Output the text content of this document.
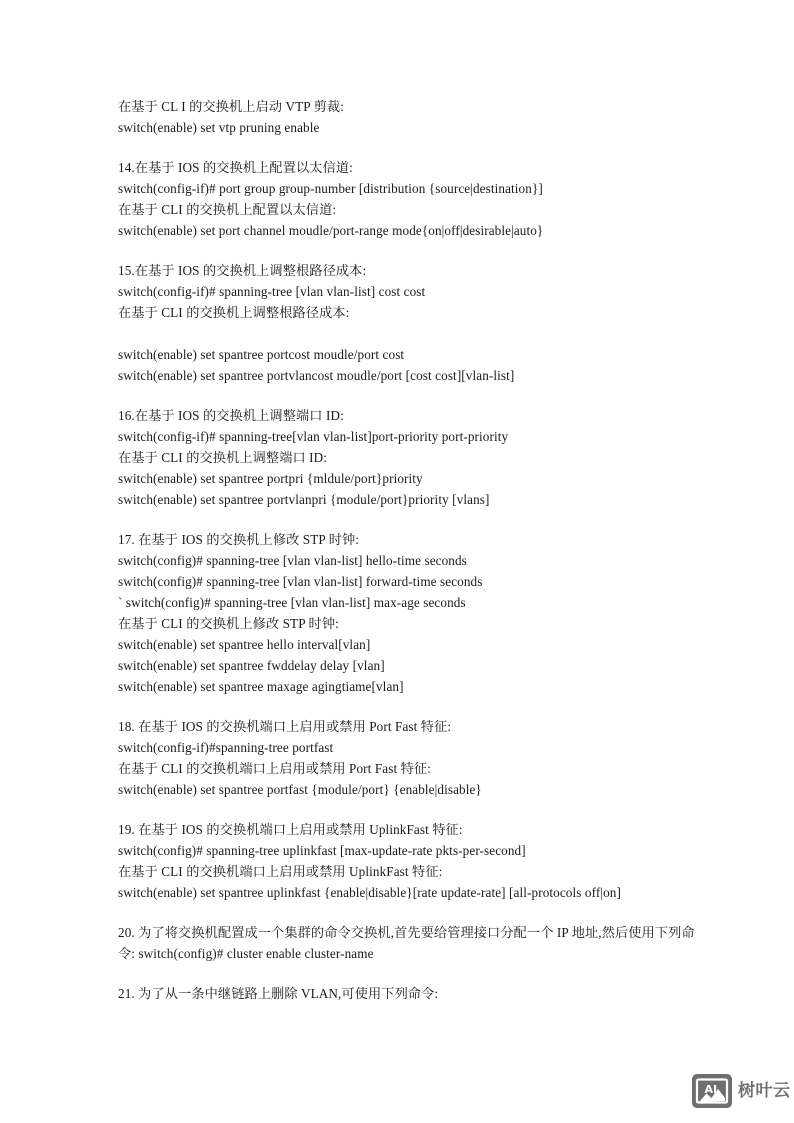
在基于 CL I 的交换机上启动 VTP 剪裁:
switch(enable) set vtp pruning enable
14.在基于 IOS 的交换机上配置以太信道:
switch(config-if)# port group group-number [distribution {source|destination}]
在基于 CLI 的交换机上配置以太信道:
switch(enable) set port channel moudle/port-range mode{on|off|desirable|auto}
15.在基于 IOS 的交换机上调整根路径成本:
switch(config-if)# spanning-tree [vlan vlan-list] cost cost
在基于 CLI 的交换机上调整根路径成本:
switch(enable) set spantree portcost moudle/port cost
switch(enable) set spantree portvlancost moudle/port [cost cost][vlan-list]
16.在基于 IOS 的交换机上调整端口 ID:
switch(config-if)# spanning-tree[vlan vlan-list]port-priority port-priority
在基于 CLI 的交换机上调整端口 ID:
switch(enable) set spantree portpri {mldule/port}priority
switch(enable) set spantree portvlanpri {module/port}priority [vlans]
17. 在基于 IOS 的交换机上修改 STP 时钟:
switch(config)# spanning-tree [vlan vlan-list] hello-time seconds
switch(config)# spanning-tree [vlan vlan-list] forward-time seconds
` switch(config)# spanning-tree [vlan vlan-list] max-age seconds
在基于 CLI 的交换机上修改 STP 时钟:
switch(enable) set spantree hello interval[vlan]
switch(enable) set spantree fwddelay delay [vlan]
switch(enable) set spantree maxage agingtiame[vlan]
18. 在基于 IOS 的交换机端口上启用或禁用 Port Fast 特征:
switch(config-if)#spanning-tree portfast
在基于 CLI 的交换机端口上启用或禁用 Port Fast 特征:
switch(enable) set spantree portfast {module/port} {enable|disable}
19. 在基于 IOS 的交换机端口上启用或禁用 UplinkFast 特征:
switch(config)# spanning-tree uplinkfast [max-update-rate pkts-per-second]
在基于 CLI 的交换机端口上启用或禁用 UplinkFast 特征:
switch(enable) set spantree uplinkfast {enable|disable}[rate update-rate] [all-protocols off|on]
20. 为了将交换机配置成一个集群的命令交换机,首先要给管理接口分配一个 IP 地址,然后使用下列命令: switch(config)# cluster enable cluster-name
21. 为了从一条中继链路上删除 VLAN,可使用下列命令:
AI 树叶云
